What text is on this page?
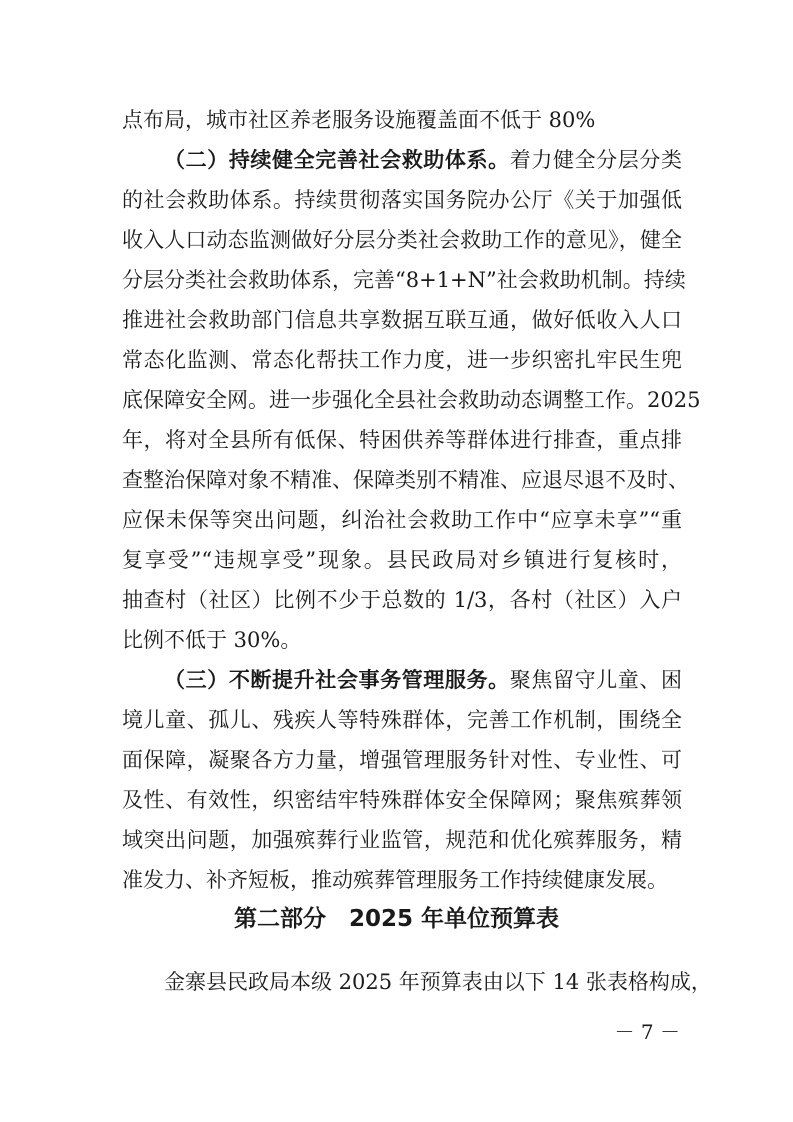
点布局，城市社区养老服务设施覆盖面不低于 80%
（二）持续健全完善社会救助体系。着力健全分层分类
的社会救助体系。持续贯彻落实国务院办公厅《关于加强低
收入人口动态监测做好分层分类社会救助工作的意见》，健全
分层分类社会救助体系，完善“8+1+N”社会救助机制。持续
推进社会救助部门信息共享数据互联互通，做好低收入人口
常态化监测、常态化帮扶工作力度，进一步织密扎牢民生兜
底保障安全网。进一步强化全县社会救助动态调整工作。2025
年，将对全县所有低保、特困供养等群体进行排查，重点排
查整治保障对象不精准、保障类别不精准、应退尽退不及时、
应保未保等突出问题，纠治社会救助工作中“应享未享”“重
复享受”“违规享受”现象。县民政局对乡镇进行复核时，
抽查村（社区）比例不少于总数的 1/3，各村（社区）入户
比例不低于 30%。
（三）不断提升社会事务管理服务。聚焦留守儿童、困
境儿童、孤儿、残疾人等特殊群体，完善工作机制，围绕全
面保障，凝聚各方力量，增强管理服务针对性、专业性、可
及性、有效性，织密结牢特殊群体安全保障网；聚焦殡葬领
域突出问题，加强殡葬行业监管，规范和优化殡葬服务，精
准发力、补齐短板，推动殡葬管理服务工作持续健康发展。
第二部分　2025 年单位预算表
金寨县民政局本级 2025 年预算表由以下 14 张表格构成，
－ 7 －
